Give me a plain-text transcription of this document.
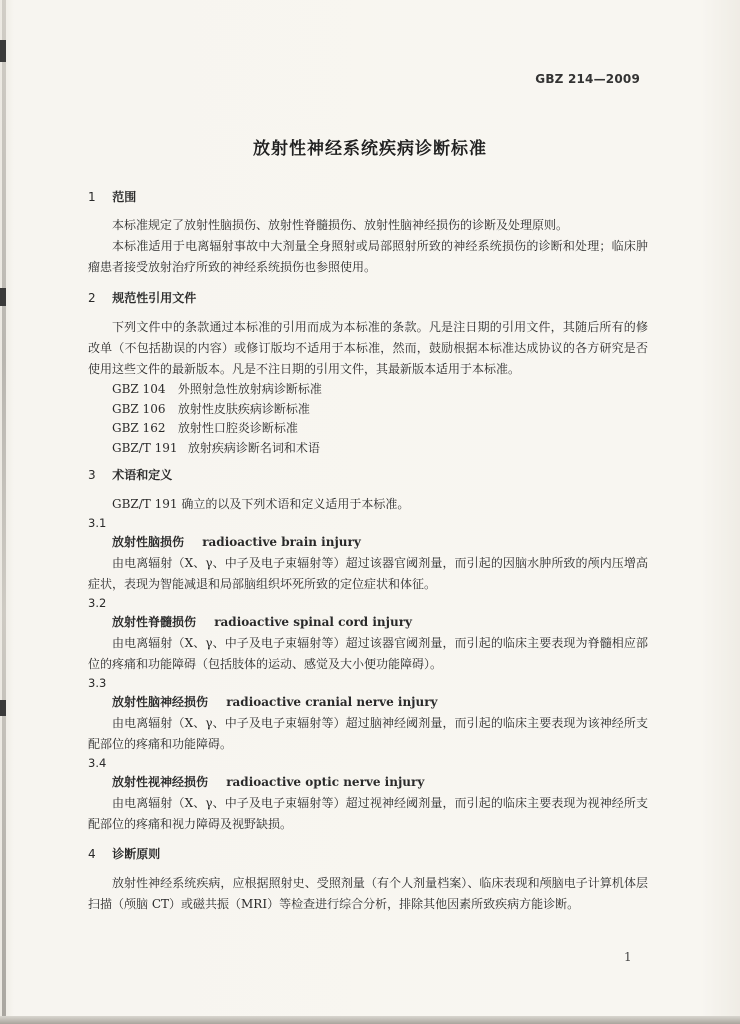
GBZ 214—2009
放射性神经系统疾病诊断标准
1 范围

本标准规定了放射性脑损伤、放射性脊髓损伤、放射性脑神经损伤的诊断及处理原则。

本标准适用于电离辐射事故中大剂量全身照射或局部照射所致的神经系统损伤的诊断和处理；临床肿瘤患者接受放射治疗所致的神经系统损伤也参照使用。

2 规范性引用文件

下列文件中的条款通过本标准的引用而成为本标准的条款。凡是注日期的引用文件，其随后所有的修改单（不包括勘误的内容）或修订版均不适用于本标准，然而，鼓励根据本标准达成协议的各方研究是否使用这些文件的最新版本。凡是不注日期的引用文件，其最新版本适用于本标准。

GBZ 104 外照射急性放射病诊断标准
GBZ 106 放射性皮肤疾病诊断标准
GBZ 162 放射性口腔炎诊断标准
GBZ/T 191 放射疾病诊断名词和术语
3 术语和定义

GBZ/T 191 确立的以及下列术语和定义适用于本标准。

3.1
放射性脑损伤 radioactive brain injury

由电离辐射（X、γ、中子及电子束辐射等）超过该器官阈剂量，而引起的因脑水肿所致的颅内压增高症状，表现为智能减退和局部脑组织坏死所致的定位症状和体征。

3.2
放射性脊髓损伤 radioactive spinal cord injury

由电离辐射（X、γ、中子及电子束辐射等）超过该器官阈剂量，而引起的临床主要表现为脊髓相应部位的疼痛和功能障碍（包括肢体的运动、感觉及大小便功能障碍）。

3.3
放射性脑神经损伤 radioactive cranial nerve injury

由电离辐射（X、γ、中子及电子束辐射等）超过脑神经阈剂量，而引起的临床主要表现为该神经所支配部位的疼痛和功能障碍。

3.4
放射性视神经损伤 radioactive optic nerve injury

由电离辐射（X、γ、中子及电子束辐射等）超过视神经阈剂量，而引起的临床主要表现为视神经所支配部位的疼痛和视力障碍及视野缺损。

4 诊断原则

放射性神经系统疾病，应根据照射史、受照剂量（有个人剂量档案）、临床表现和颅脑电子计算机体层扫描（颅脑 CT）或磁共振（MRI）等检查进行综合分析，排除其他因素所致疾病方能诊断。

1
